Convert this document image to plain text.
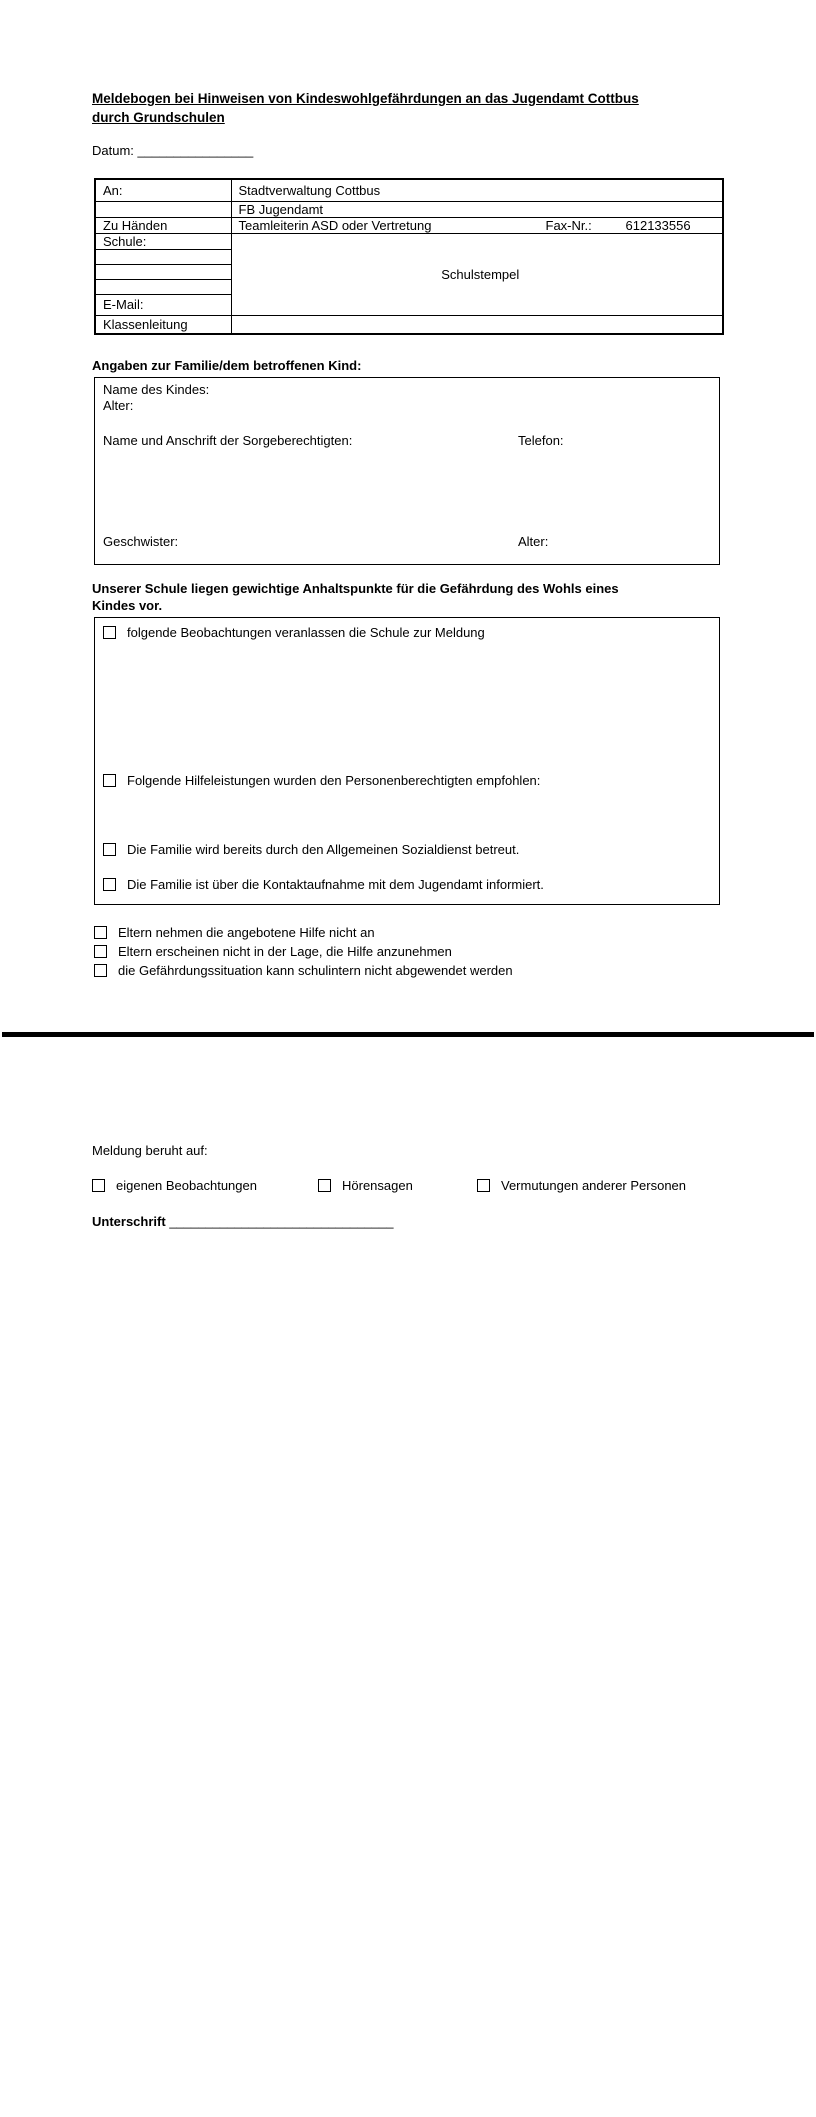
Meldebogen bei Hinweisen von Kindeswohlgefährdungen an das Jugendamt Cottbus
durch Grundschulen
Datum: ________________
An:	Stadtverwaltung Cottbus
	FB Jugendamt
Zu Händen	Teamleiterin ASD oder Vertretung Fax-Nr.: 612133556

Schule:	Schulstempel

E-Mail:	
Klassenleitung	
Angaben zur Familie/dem betroffenen Kind:
Name des Kindes:
Alter:
Name und Anschrift der Sorgeberechtigten:	Telefon:
Geschwister:	Alter:
Unserer Schule liegen gewichtige Anhaltspunkte für die Gefährdung des Wohls eines
Kindes vor.
folgende Beobachtungen veranlassen die Schule zur Meldung
Folgende Hilfeleistungen wurden den Personenberechtigten empfohlen:
Die Familie wird bereits durch den Allgemeinen Sozialdienst betreut.
Die Familie ist über die Kontaktaufnahme mit dem Jugendamt informiert.
Eltern nehmen die angebotene Hilfe nicht an
Eltern erscheinen nicht in der Lage, die Hilfe anzunehmen
die Gefährdungssituation kann schulintern nicht abgewendet werden
Meldung beruht auf:
eigenen Beobachtungen	Hörensagen	Vermutungen anderer Personen
Unterschrift _______________________________
